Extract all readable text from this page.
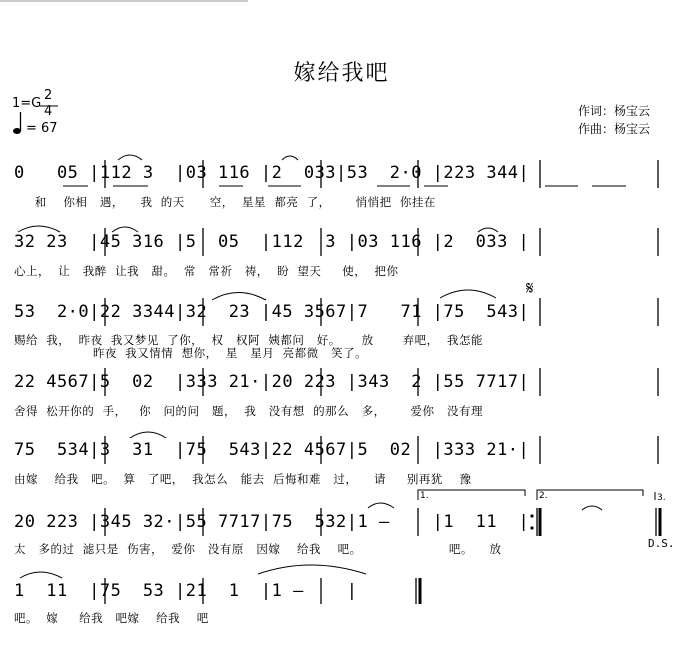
嫁给我吧
1=G
2
4
= 67
作词：杨宝云
作曲：杨宝云
0   05 |112 3  |03 116 |2  033|53  2·0 |223 344|
和    你相   遇，    我  的天      空，  星星  都亮  了，      悄悄把  你挂在
32 23  |45 316 |5  05  |112  3 |03 116 |2  033 |
心上，  让   我醉  让我   甜。  常   常祈   祷，  盼  望天     使，  把你
53  2·0|22 3344|32  23 |45 3567|7   71 |75  543|
赐给  我，  昨夜  我又梦见  了你，  权   权阿  姨都问   好。     放       弃吧，  我怎能
昨夜  我又情情  想你，  星   星月  亮都微   笑了。
𝄋
22 4567|5  02  |333 21·|20 223 |343  2 |55 7717|
舍得  松开你的  手，   你   问的问   题，  我   没有想  的那么   多，      爱你   没有理
75  534|3  31  |75  543|22 4567|5  02  |333 21·|
由嫁    给我   吧。  算   了吧，  我怎么   能去  后悔和难   过，    请     别再犹    豫
1.	2.	3.
20 223 |345 32·|55 7717|75  532|1 –    |1  11  |
太   多的过  滤只是  伤害，  爱你   没有原   因嫁    给我    吧。                     吧。    放	D.S.
1  11  |75  53 |21  1  |1 –    |
吧。  嫁     给我   吧嫁    给我    吧
